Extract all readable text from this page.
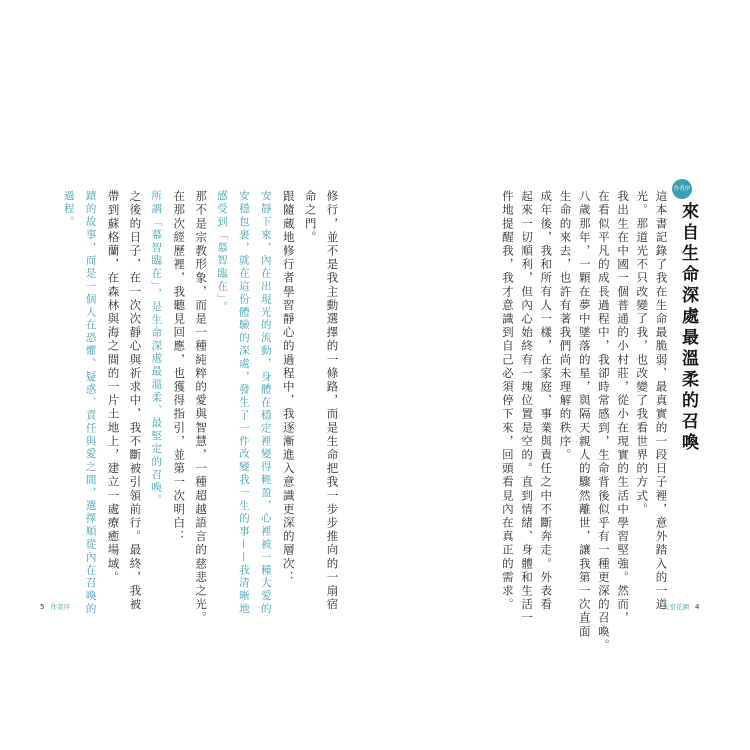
作者序
來自生命深處最溫柔的召喚
這本書記錄了我在生命最脆弱、最真實的一段日子裡，意外踏入的一道
光。那道光不只改變了我，也改變了我看世界的方式。
我出生在中國一個普通的小村莊，從小在現實的生活中學習堅強。然而，
在看似平凡的成長過程中，我卻時常感到，生命背後似乎有一種更深的召喚。
八歲那年，一顆在夢中墜落的星，與隔天親人的驟然離世，讓我第一次直面
生命的來去，也許有著我們尚未理解的秩序。
成年後，我和所有人一樣，在家庭、事業與責任之中不斷奔走。外表看
起來一切順利，但內心始終有一塊位置是空的。直到情緒、身體和生活一
件地提醒我，我才意識到自己必須停下來，回頭看見內在真正的需求。	天堂花園 4
修行，並不是我主動選擇的一條路，而是生命把我一步步推向的一扇宿
命之門。
跟隨蔵地修行者學習靜心的過程中，我逐漸進入意識更深的層次：
安靜下來，內在出現光的流動，身體在穩定裡變得輕盈，心裡被一種大愛的
安穩包裹，就在這份體驗的深處，發生了一件改變我一生的事——我清晰地
感受到「慕智臨在」。
那不是宗教形象，而是一種純粹的愛與智慧，一種超越語言的慈悲之光。
在那次經歷裡，我聽見回應，也獲得指引，並第一次明白：
所謂「慕智臨在」，是生命深處最溫柔、最堅定的召喚。
之後的日子，在一次次靜心與祈求中，我不斷被引領前行。最終，我被
帶到蘇格蘭，在森林與海之間的一片土地上，建立一處療癒場域。
蹟的故事，而是一個人在恐懼、疑惑、責任與愛之間，選擇順從內在召喚的
過程。
5 作者序
